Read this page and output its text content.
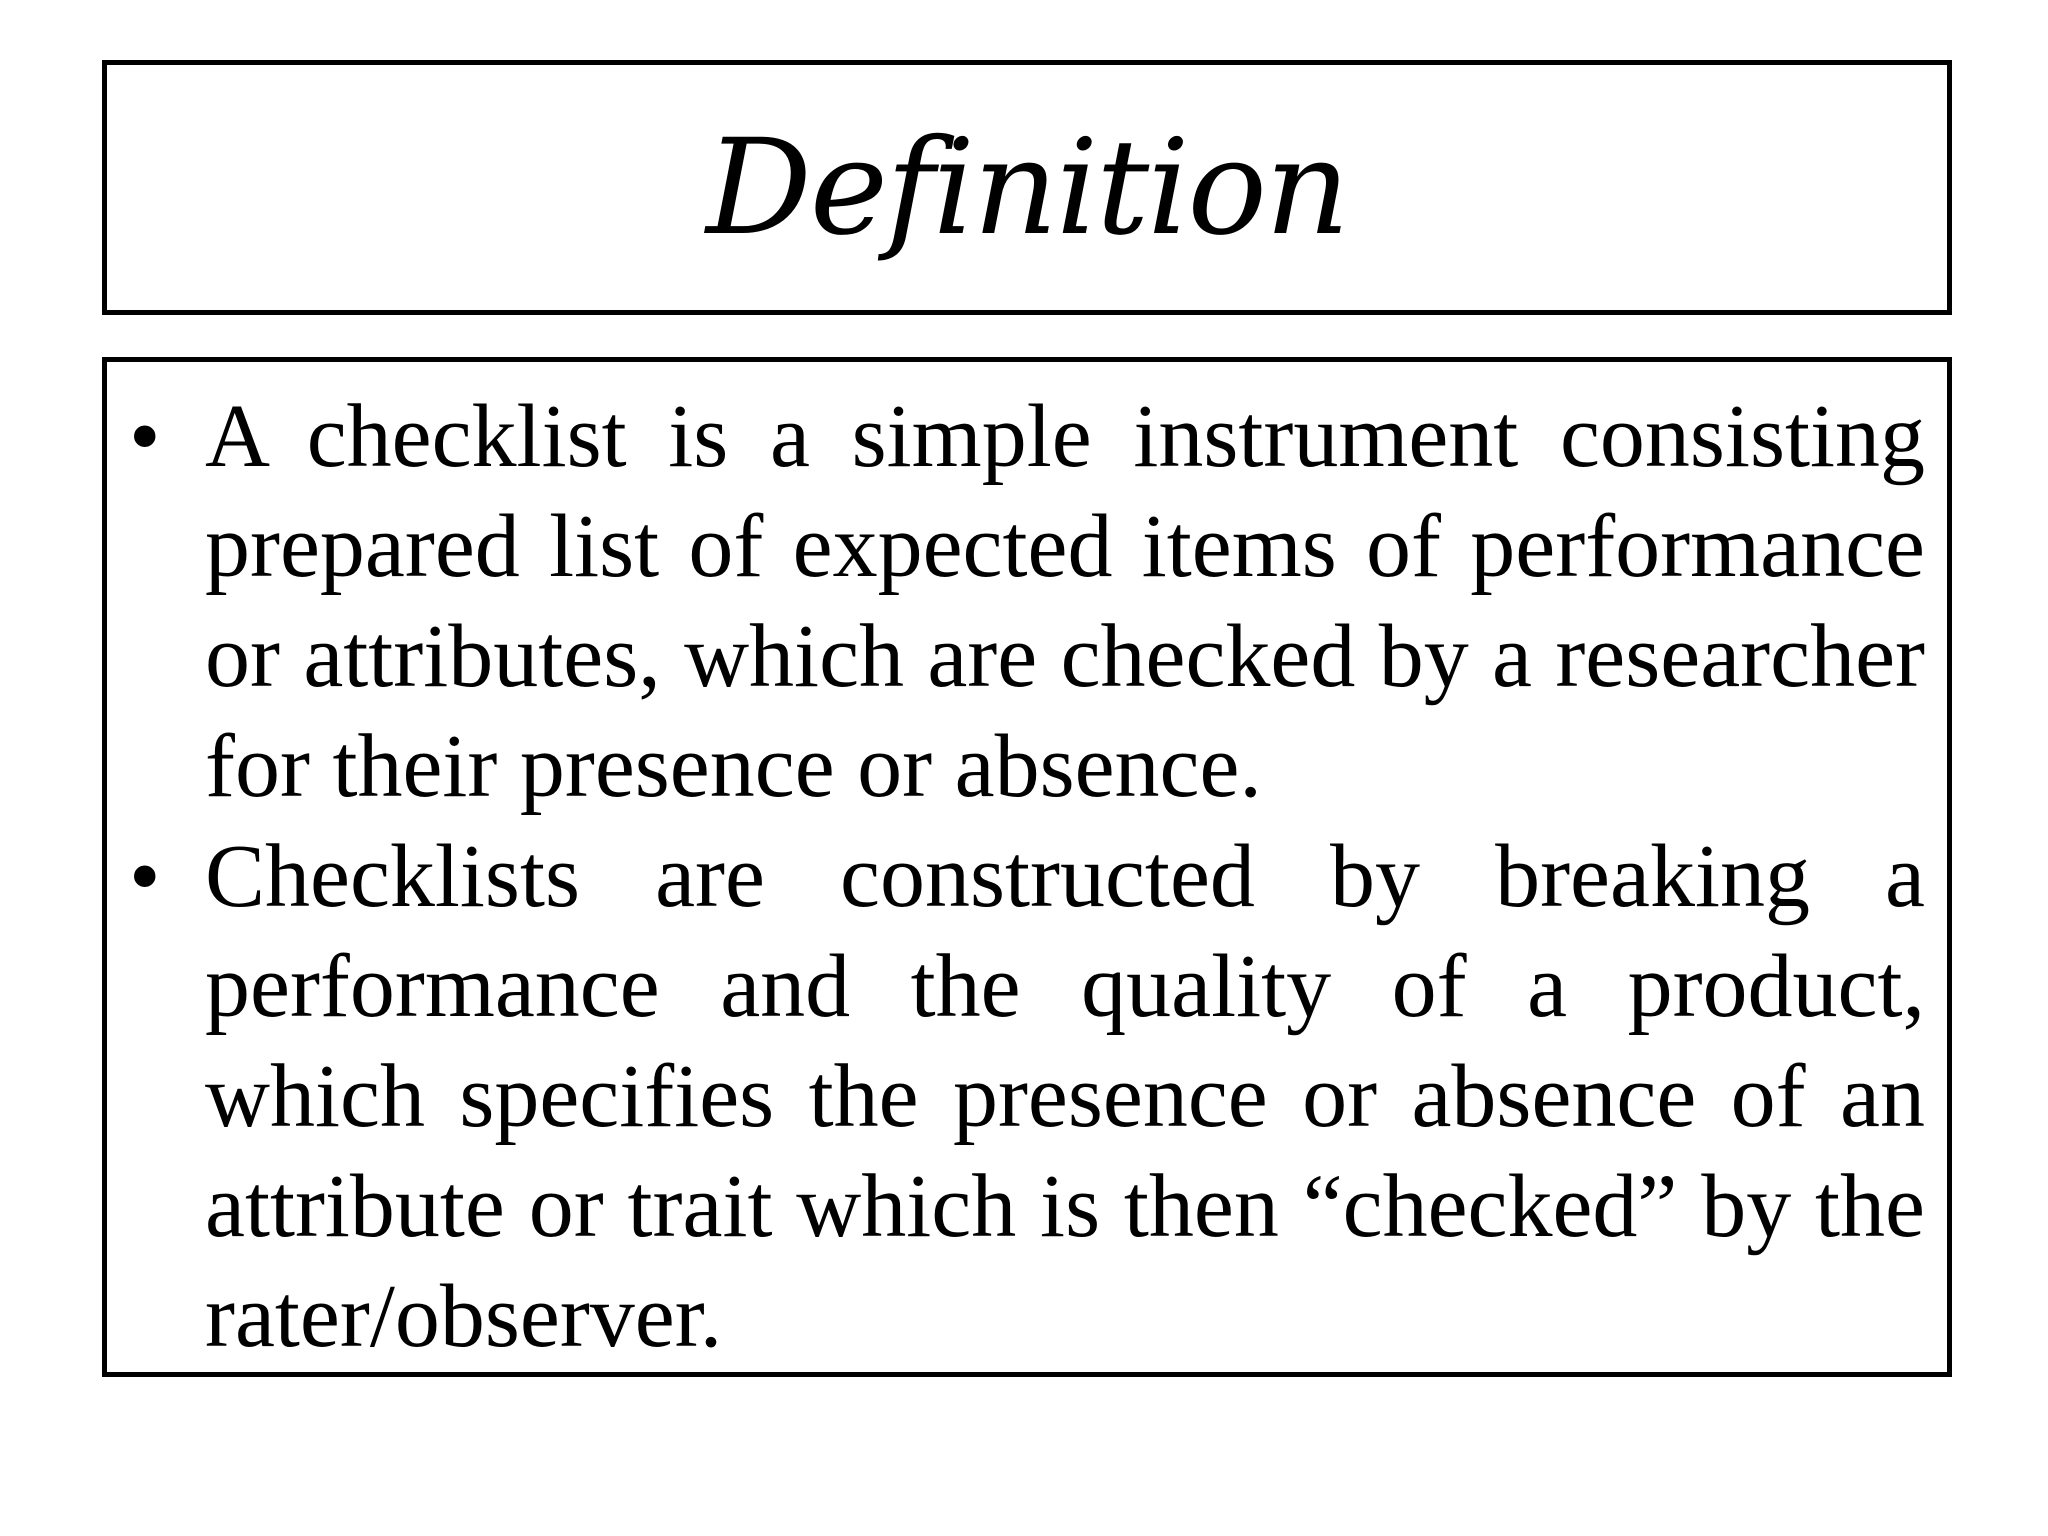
Definition
• A checklist is a simple instrument consisting prepared list of expected items of performance or attributes, which are checked by a researcher for their presence or absence.

• Checklists are constructed by breaking a performance and the quality of a product, which specifies the presence or absence of an attribute or trait which is then “checked” by the rater/observer.
